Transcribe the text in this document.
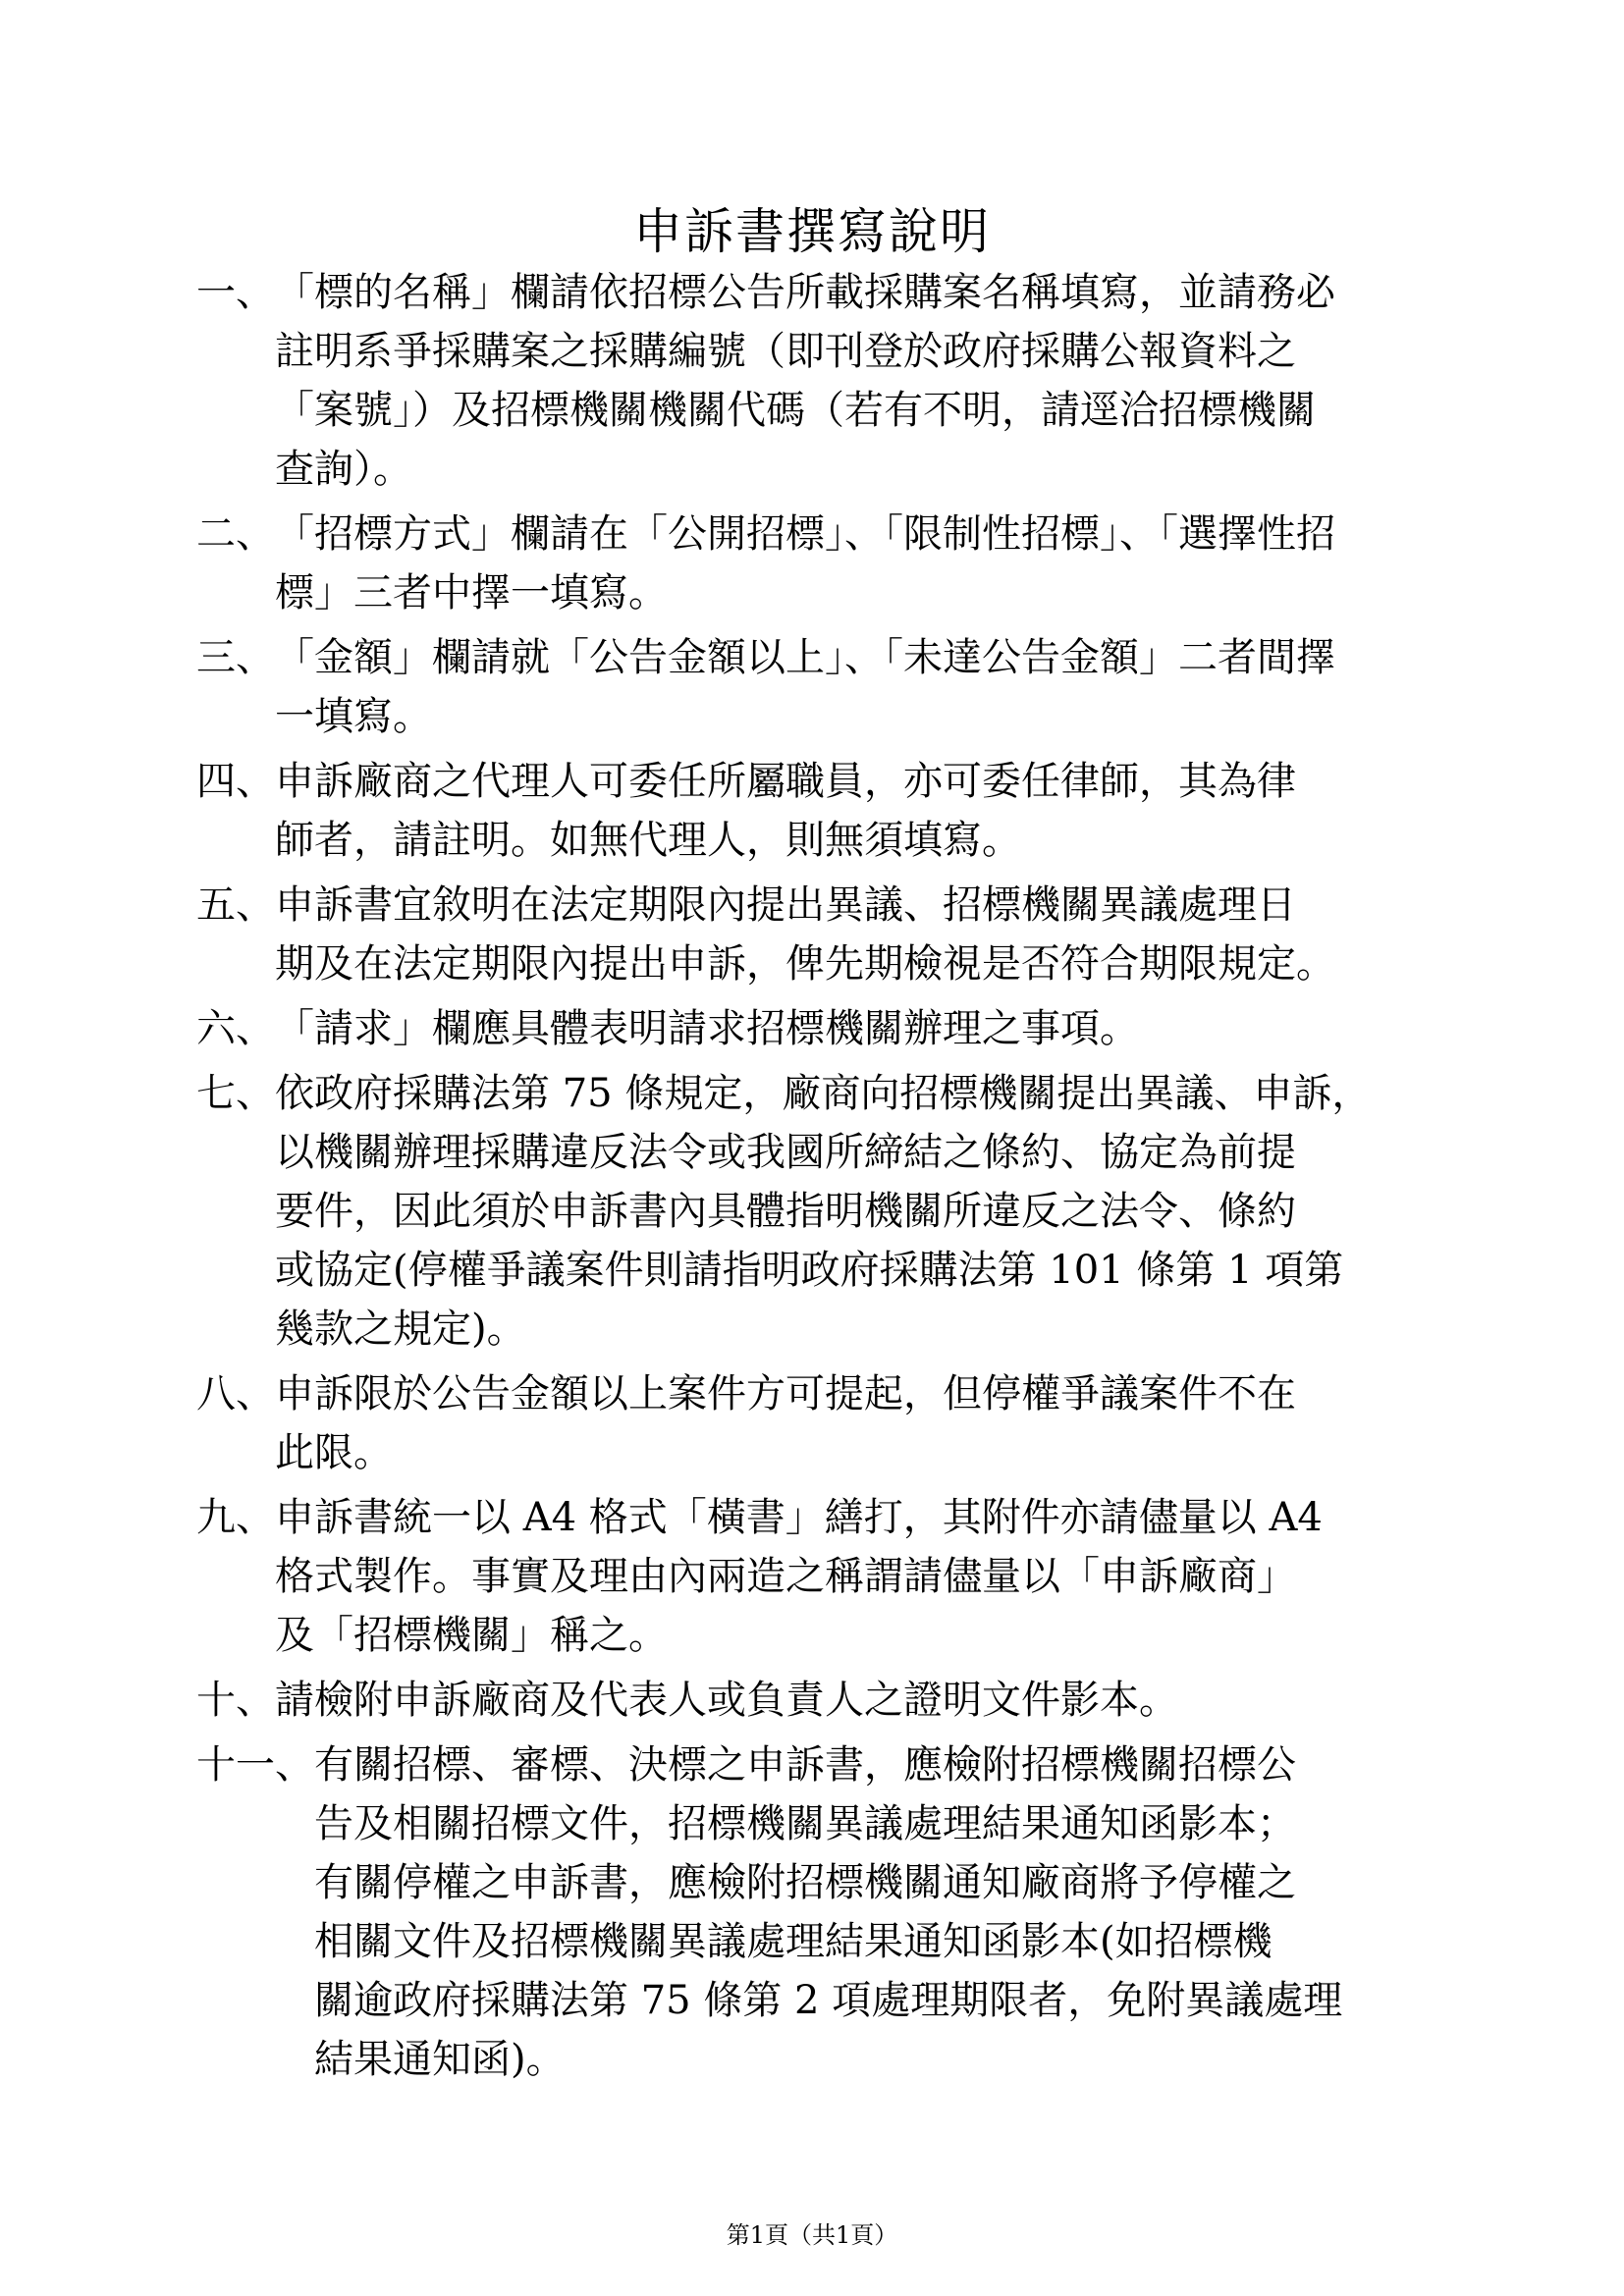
申訴書撰寫說明
一、 「標的名稱」欄請依招標公告所載採購案名稱填寫，並請務必
註明系爭採購案之採購編號（即刊登於政府採購公報資料之
「案號」）及招標機關機關代碼（若有不明，請逕洽招標機關
查詢）。
二、 「招標方式」欄請在「公開招標」、「限制性招標」、「選擇性招
標」三者中擇一填寫。
三、 「金額」欄請就「公告金額以上」、「未達公告金額」二者間擇
一填寫。
四、 申訴廠商之代理人可委任所屬職員，亦可委任律師，其為律
師者，請註明。如無代理人，則無須填寫。
五、 申訴書宜敘明在法定期限內提出異議、招標機關異議處理日
期及在法定期限內提出申訴，俾先期檢視是否符合期限規定。
六、 「請求」欄應具體表明請求招標機關辦理之事項。
七、 依政府採購法第 75 條規定，廠商向招標機關提出異議、申訴，
以機關辦理採購違反法令或我國所締結之條約、協定為前提
要件，因此須於申訴書內具體指明機關所違反之法令、條約
或協定(停權爭議案件則請指明政府採購法第 101 條第 1 項第
幾款之規定)。
八、 申訴限於公告金額以上案件方可提起，但停權爭議案件不在
此限。
九、 申訴書統一以 A4 格式「橫書」繕打，其附件亦請儘量以 A4
格式製作。事實及理由內兩造之稱謂請儘量以「申訴廠商」
及「招標機關」稱之。
十、 請檢附申訴廠商及代表人或負責人之證明文件影本。
十一、 有關招標、審標、決標之申訴書，應檢附招標機關招標公
告及相關招標文件，招標機關異議處理結果通知函影本；
有關停權之申訴書，應檢附招標機關通知廠商將予停權之
相關文件及招標機關異議處理結果通知函影本(如招標機
關逾政府採購法第 75 條第 2 項處理期限者，免附異議處理
結果通知函)。
第1頁（共1頁）
